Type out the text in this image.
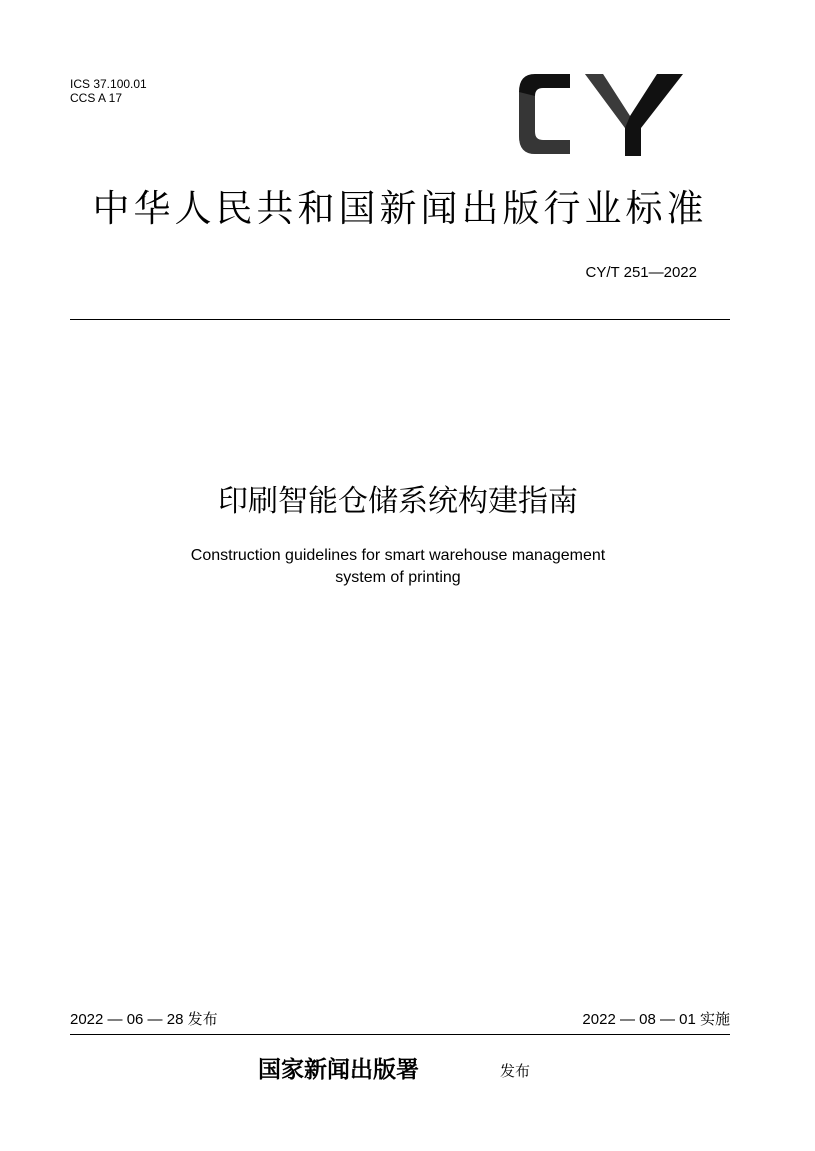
ICS 37.100.01
CCS A 17
中华人民共和国新闻出版行业标准
CY/T 251—2022
印刷智能仓储系统构建指南
Construction guidelines for smart warehouse management
system of printing
2022 — 06 — 28 发布	2022 — 08 — 01 实施
国家新闻出版署	发布
